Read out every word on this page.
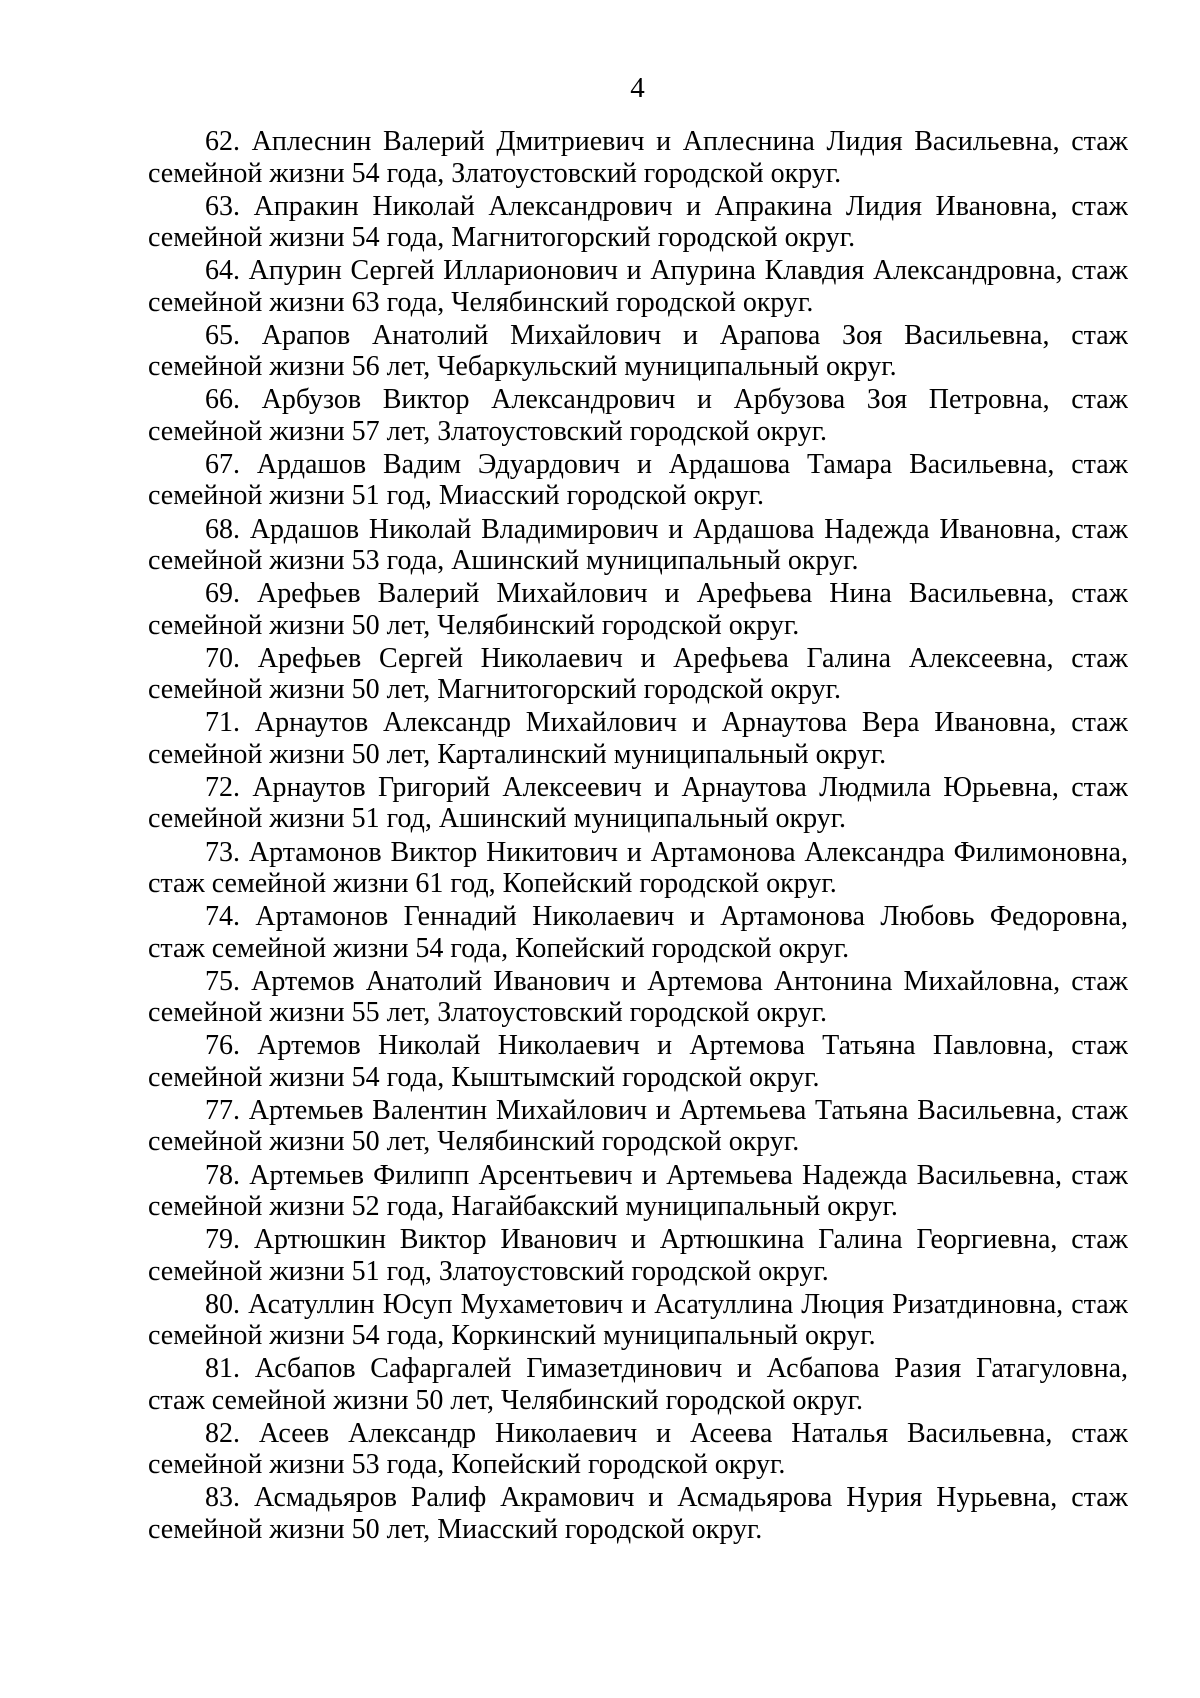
4

62. Аплеснин Валерий Дмитриевич и Аплеснина Лидия Васильевна, стаж семейной жизни 54 года, Златоустовский городской округ.
63. Апракин Николай Александрович и Апракина Лидия Ивановна, стаж семейной жизни 54 года, Магнитогорский городской округ.
64. Апурин Сергей Илларионович и Апурина Клавдия Александровна, стаж семейной жизни 63 года, Челябинский городской округ.
65. Арапов Анатолий Михайлович и Арапова Зоя Васильевна, стаж семейной жизни 56 лет, Чебаркульский муниципальный округ.
66. Арбузов Виктор Александрович и Арбузова Зоя Петровна, стаж семейной жизни 57 лет, Златоустовский городской округ.
67. Ардашов Вадим Эдуардович и Ардашова Тамара Васильевна, стаж семейной жизни 51 год, Миасский городской округ.
68. Ардашов Николай Владимирович и Ардашова Надежда Ивановна, стаж семейной жизни 53 года, Ашинский муниципальный округ.
69. Арефьев Валерий Михайлович и Арефьева Нина Васильевна, стаж семейной жизни 50 лет, Челябинский городской округ.
70. Арефьев Сергей Николаевич и Арефьева Галина Алексеевна, стаж семейной жизни 50 лет, Магнитогорский городской округ.
71. Арнаутов Александр Михайлович и Арнаутова Вера Ивановна, стаж семейной жизни 50 лет, Карталинский муниципальный округ.
72. Арнаутов Григорий Алексеевич и Арнаутова Людмила Юрьевна, стаж семейной жизни 51 год, Ашинский муниципальный округ.
73. Артамонов Виктор Никитович и Артамонова Александра Филимоновна, стаж семейной жизни 61 год, Копейский городской округ.
74. Артамонов Геннадий Николаевич и Артамонова Любовь Федоровна, стаж семейной жизни 54 года, Копейский городской округ.
75. Артемов Анатолий Иванович и Артемова Антонина Михайловна, стаж семейной жизни 55 лет, Златоустовский городской округ.
76. Артемов Николай Николаевич и Артемова Татьяна Павловна, стаж семейной жизни 54 года, Кыштымский городской округ.
77. Артемьев Валентин Михайлович и Артемьева Татьяна Васильевна, стаж семейной жизни 50 лет, Челябинский городской округ.
78. Артемьев Филипп Арсентьевич и Артемьева Надежда Васильевна, стаж семейной жизни 52 года, Нагайбакский муниципальный округ.
79. Артюшкин Виктор Иванович и Артюшкина Галина Георгиевна, стаж семейной жизни 51 год, Златоустовский городской округ.
80. Асатуллин Юсуп Мухаметович и Асатуллина Люция Ризатдиновна, стаж семейной жизни 54 года, Коркинский муниципальный округ.
81. Асбапов Сафаргалей Гимазетдинович и Асбапова Разия Гатагуловна, стаж семейной жизни 50 лет, Челябинский городской округ.
82. Асеев Александр Николаевич и Асеева Наталья Васильевна, стаж семейной жизни 53 года, Копейский городской округ.
83. Асмадьяров Ралиф Акрамович и Асмадьярова Нурия Нурьевна, стаж семейной жизни 50 лет, Миасский городской округ.
